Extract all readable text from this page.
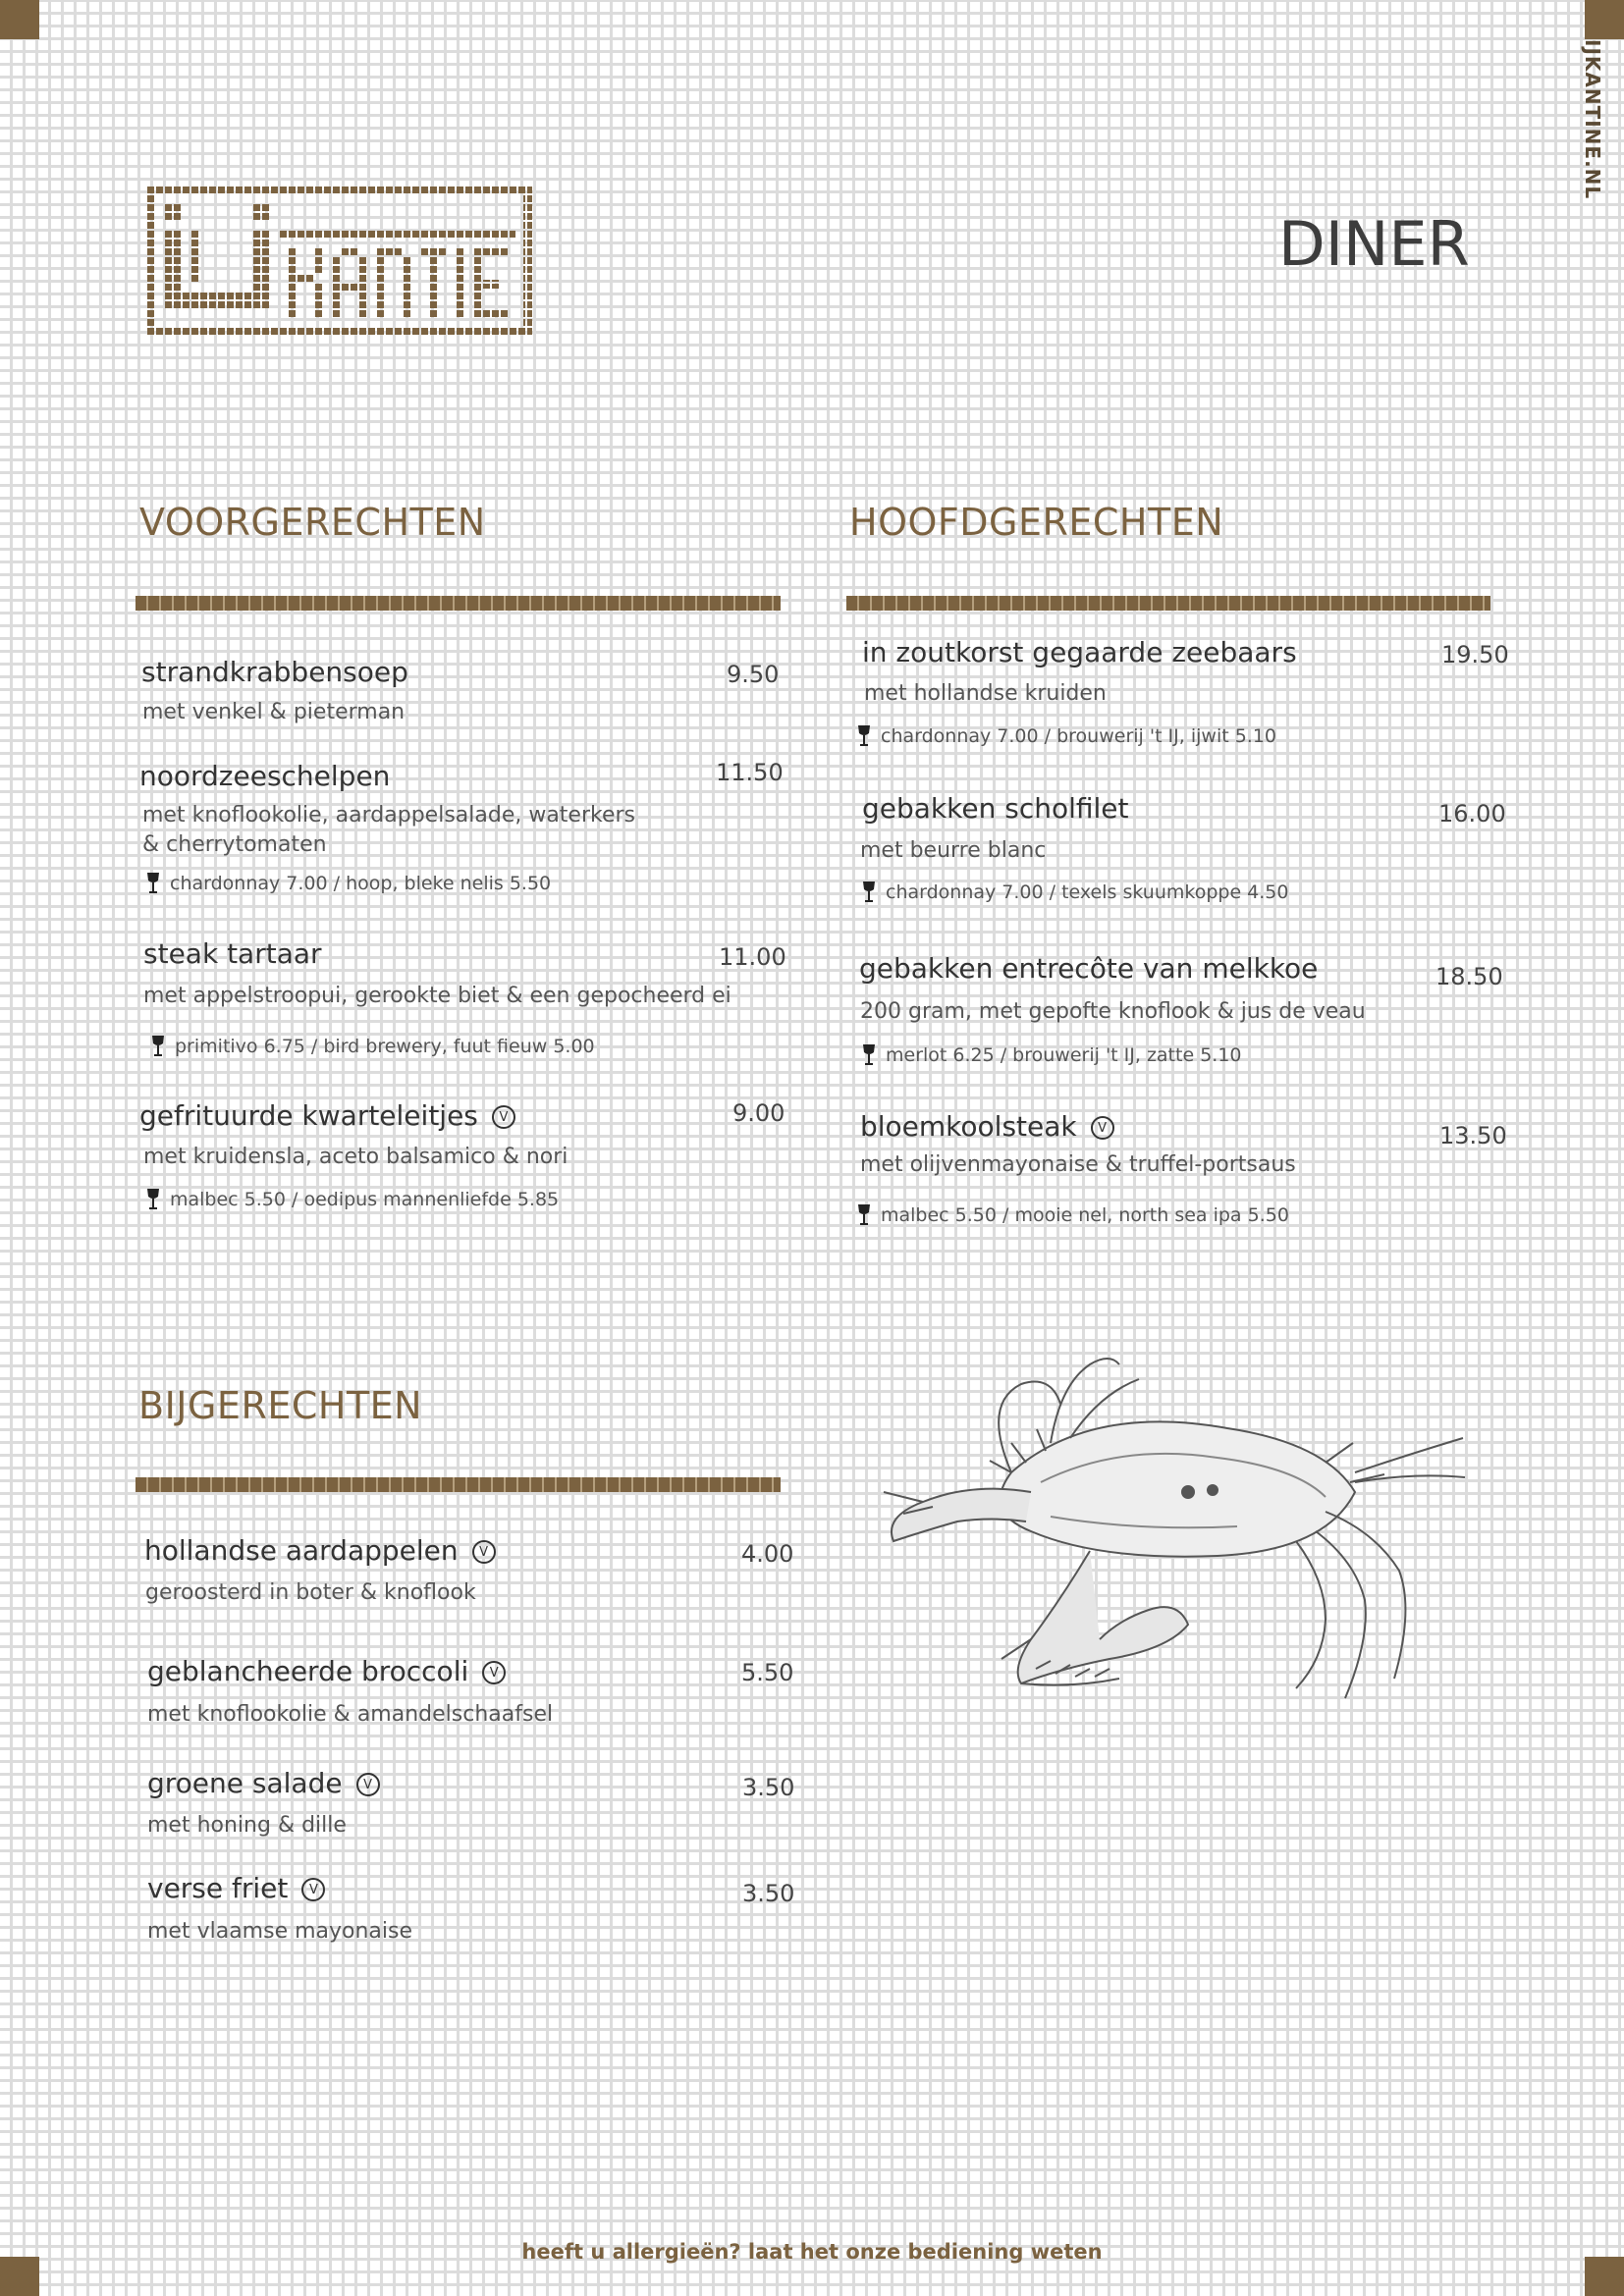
IJKANTINE.NL
DINER
VOORGERECHTEN
strandkrabbensoep	9.50
met venkel & pieterman
noordzeeschelpen	11.50
met knoflookolie, aardappelsalade, waterkers
& cherrytomaten
chardonnay 7.00 / hoop, bleke nelis 5.50
steak tartaar	11.00
met appelstroopui, gerookte biet & een gepocheerd ei
primitivo 6.75 / bird brewery, fuut fieuw 5.00
gefrituurde kwarteleitjes V	9.00
met kruidensla, aceto balsamico & nori
malbec 5.50 / oedipus mannenliefde 5.85
HOOFDGERECHTEN
in zoutkorst gegaarde zeebaars	19.50
met hollandse kruiden
chardonnay 7.00 / brouwerij 't IJ, ijwit 5.10
gebakken scholfilet	16.00
met beurre blanc
chardonnay 7.00 / texels skuumkoppe 4.50
gebakken entrecôte van melkkoe	18.50
200 gram, met gepofte knoflook & jus de veau
merlot 6.25 / brouwerij 't IJ, zatte 5.10
bloemkoolsteak V	13.50
met olijvenmayonaise & truffel-portsaus
malbec 5.50 / mooie nel, north sea ipa 5.50
BIJGERECHTEN
hollandse aardappelen V	4.00
geroosterd in boter & knoflook
geblancheerde broccoli V	5.50
met knoflookolie & amandelschaafsel
groene salade V	3.50
met honing & dille
verse friet V	3.50
met vlaamse mayonaise
heeft u allergieën? laat het onze bediening weten
